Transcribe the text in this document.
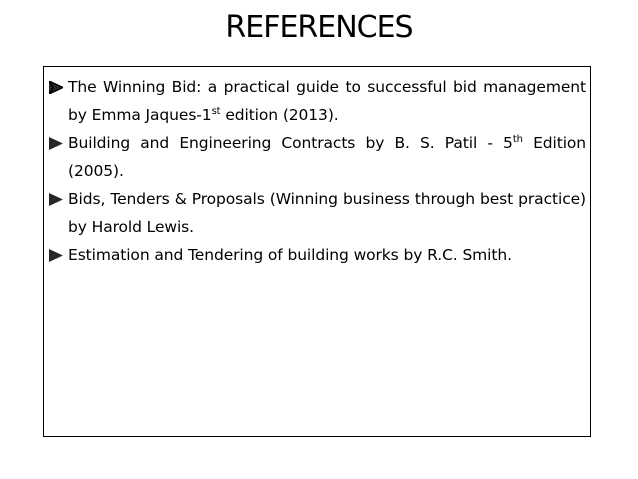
REFERENCES

The Winning Bid: a practical guide to successful bid management by Emma Jaques-1st edition (2013).

Building and Engineering Contracts by B. S. Patil - 5th Edition (2005).

Bids, Tenders & Proposals (Winning business through best practice) by Harold Lewis.

Estimation and Tendering of building works by R.C. Smith.
